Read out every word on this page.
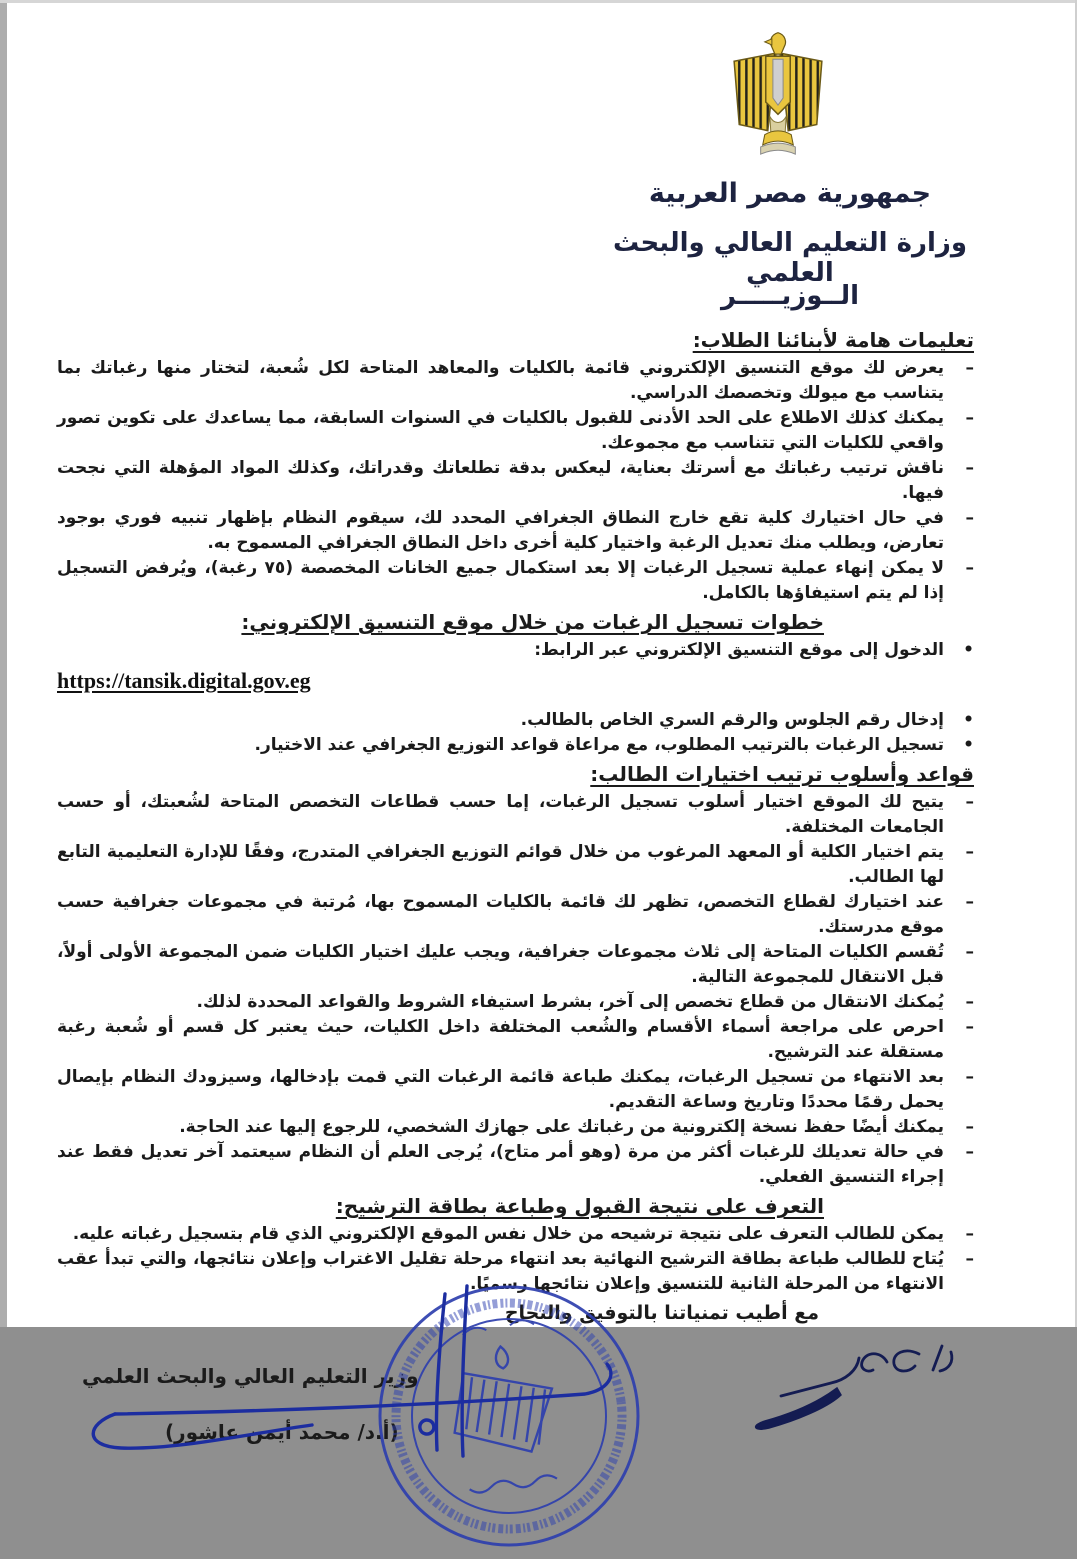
جمهورية مصر العربية
وزارة التعليم العالي والبحث العلمي
الــوزيـــــر
تعليمات هامة لأبنائنا الطلاب:
–
يعرض لك موقع التنسيق الإلكتروني قائمة بالكليات والمعاهد المتاحة لكل شُعبة، لتختار منها رغباتك بما يتناسب مع ميولك وتخصصك الدراسي.
–
يمكنك كذلك الاطلاع على الحد الأدنى للقبول بالكليات في السنوات السابقة، مما يساعدك على تكوين تصور واقعي للكليات التي تتناسب مع مجموعك.
–
ناقش ترتيب رغباتك مع أسرتك بعناية، ليعكس بدقة تطلعاتك وقدراتك، وكذلك المواد المؤهلة التي نجحت فيها.
–
في حال اختيارك كلية تقع خارج النطاق الجغرافي المحدد لك، سيقوم النظام بإظهار تنبيه فوري بوجود تعارض، ويطلب منك تعديل الرغبة واختيار كلية أخرى داخل النطاق الجغرافي المسموح به.
–
لا يمكن إنهاء عملية تسجيل الرغبات إلا بعد استكمال جميع الخانات المخصصة (٧٥ رغبة)، ويُرفض التسجيل إذا لم يتم استيفاؤها بالكامل.
خطوات تسجيل الرغبات من خلال موقع التنسيق الإلكتروني:
•
الدخول إلى موقع التنسيق الإلكتروني عبر الرابط:
https://tansik.digital.gov.eg
•
إدخال رقم الجلوس والرقم السري الخاص بالطالب.
•
تسجيل الرغبات بالترتيب المطلوب، مع مراعاة قواعد التوزيع الجغرافي عند الاختيار.
قواعد وأسلوب ترتيب اختيارات الطالب:
–
يتيح لك الموقع اختيار أسلوب تسجيل الرغبات، إما حسب قطاعات التخصص المتاحة لشُعبتك، أو حسب الجامعات المختلفة.
–
يتم اختيار الكلية أو المعهد المرغوب من خلال قوائم التوزيع الجغرافي المتدرج، وفقًا للإدارة التعليمية التابع لها الطالب.
–
عند اختيارك لقطاع التخصص، تظهر لك قائمة بالكليات المسموح بها، مُرتبة في مجموعات جغرافية حسب موقع مدرستك.
–
تُقسم الكليات المتاحة إلى ثلاث مجموعات جغرافية، ويجب عليك اختيار الكليات ضمن المجموعة الأولى أولاً، قبل الانتقال للمجموعة التالية.
–
يُمكنك الانتقال من قطاع تخصص إلى آخر، بشرط استيفاء الشروط والقواعد المحددة لذلك.
–
احرص على مراجعة أسماء الأقسام والشُعب المختلفة داخل الكليات، حيث يعتبر كل قسم أو شُعبة رغبة مستقلة عند الترشيح.
–
بعد الانتهاء من تسجيل الرغبات، يمكنك طباعة قائمة الرغبات التي قمت بإدخالها، وسيزودك النظام بإيصال يحمل رقمًا محددًا وتاريخ وساعة التقديم.
–
يمكنك أيضًا حفظ نسخة إلكترونية من رغباتك على جهازك الشخصي، للرجوع إليها عند الحاجة.
–
في حالة تعديلك للرغبات أكثر من مرة (وهو أمر متاح)، يُرجى العلم أن النظام سيعتمد آخر تعديل فقط عند إجراء التنسيق الفعلي.
التعرف على نتيجة القبول وطباعة بطاقة الترشيح:
–
يمكن للطالب التعرف على نتيجة ترشيحه من خلال نفس الموقع الإلكتروني الذي قام بتسجيل رغباته عليه.
–
يُتاح للطالب طباعة بطاقة الترشيح النهائية بعد انتهاء مرحلة تقليل الاغتراب وإعلان نتائجها، والتي تبدأ عقب الانتهاء من المرحلة الثانية للتنسيق وإعلان نتائجها رسميًا.
مع أطيب تمنياتنا بالتوفيق والنجاح
وزير التعليم العالي والبحث العلمي
(أ.د/ محمد أيمن عاشور)
